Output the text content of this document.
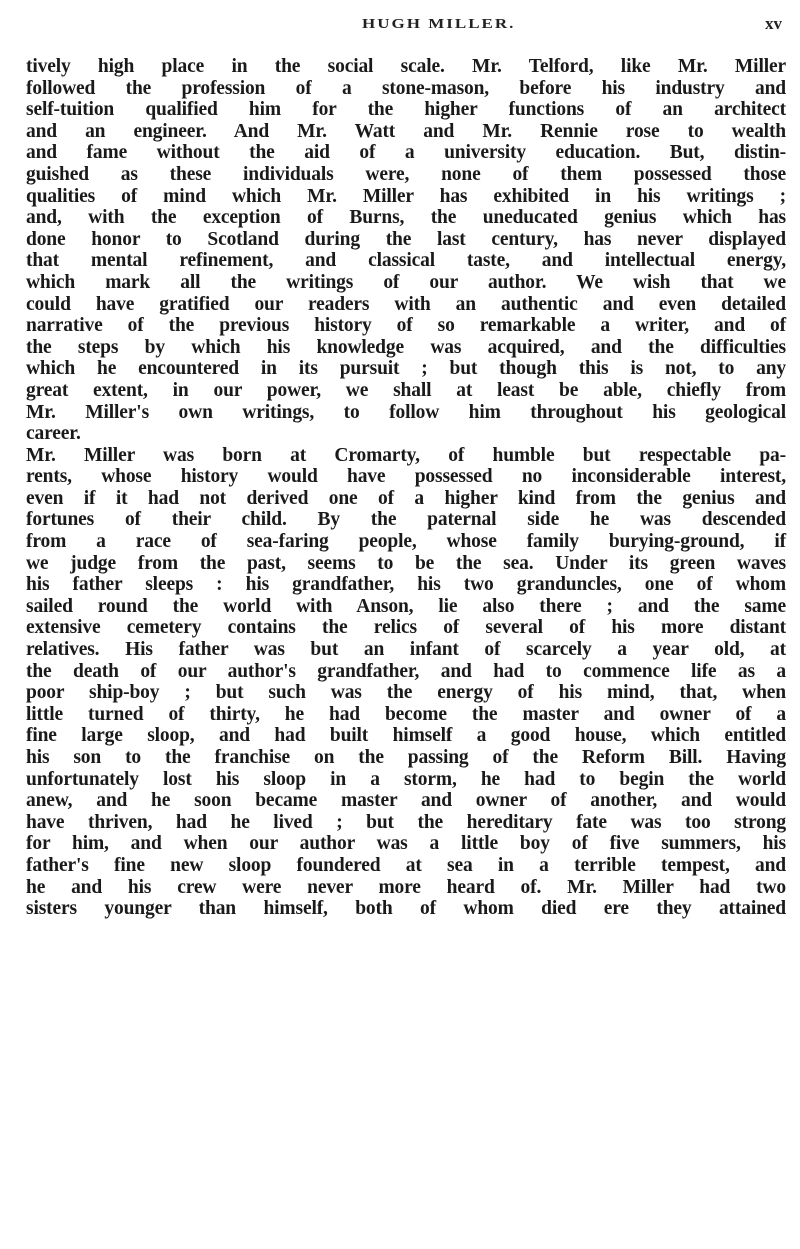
HUGH MILLER.	xv
tively high place in the social scale. Mr. Telford, like Mr. Miller
followed the profession of a stone-mason, before his industry and
self-tuition qualified him for the higher functions of an architect
and an engineer. And Mr. Watt and Mr. Rennie rose to wealth
and fame without the aid of a university education. But, distin-
guished as these individuals were, none of them possessed those
qualities of mind which Mr. Miller has exhibited in his writings ;
and, with the exception of Burns, the uneducated genius which has
done honor to Scotland during the last century, has never displayed
that mental refinement, and classical taste, and intellectual energy,
which mark all the writings of our author. We wish that we
could have gratified our readers with an authentic and even detailed
narrative of the previous history of so remarkable a writer, and of
the steps by which his knowledge was acquired, and the difficulties
which he encountered in its pursuit ; but though this is not, to any
great extent, in our power, we shall at least be able, chiefly from
Mr. Miller's own writings, to follow him throughout his geological
career.
Mr. Miller was born at Cromarty, of humble but respectable pa-
rents, whose history would have possessed no inconsiderable interest,
even if it had not derived one of a higher kind from the genius and
fortunes of their child. By the paternal side he was descended
from a race of sea-faring people, whose family burying-ground, if
we judge from the past, seems to be the sea. Under its green waves
his father sleeps : his grandfather, his two granduncles, one of whom
sailed round the world with Anson, lie also there ; and the same
extensive cemetery contains the relics of several of his more distant
relatives. His father was but an infant of scarcely a year old, at
the death of our author's grandfather, and had to commence life as a
poor ship-boy ; but such was the energy of his mind, that, when
little turned of thirty, he had become the master and owner of a
fine large sloop, and had built himself a good house, which entitled
his son to the franchise on the passing of the Reform Bill. Having
unfortunately lost his sloop in a storm, he had to begin the world
anew, and he soon became master and owner of another, and would
have thriven, had he lived ; but the hereditary fate was too strong
for him, and when our author was a little boy of five summers, his
father's fine new sloop foundered at sea in a terrible tempest, and
he and his crew were never more heard of. Mr. Miller had two
sisters younger than himself, both of whom died ere they attained
